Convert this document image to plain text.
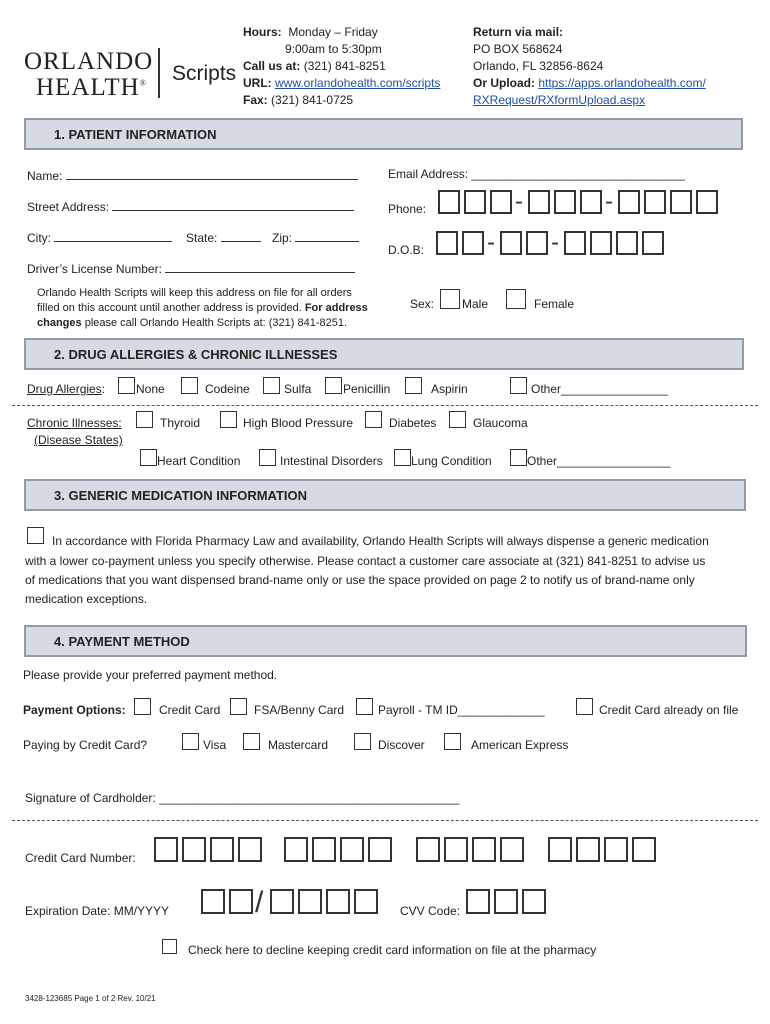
ORLANDO
HEALTH® Scripts
Hours: Monday – Friday
9:00am to 5:30pm
Call us at: (321) 841-8251
URL: www.orlandohealth.com/scripts
Fax: (321) 841-0725
Return via mail:
PO BOX 568624
Orlando, FL 32856-8624
Or Upload: https://apps.orlandohealth.com/
RXRequest/RXformUpload.aspx
1. PATIENT INFORMATION
Name:
Street Address:
City:	State:	Zip:
Driver’s License Number:
Orlando Health Scripts will keep this address on file for all orders
filled on this account until another address is provided. For address
changes please call Orlando Health Scripts at: (321) 841-8251.
Email Address: ________________________________
Phone:	-	-
D.O.B:	- -
Sex: Male	Female
2. DRUG ALLERGIES & CHRONIC ILLNESSES
Drug Allergies:	None	Codeine	Sulfa	Penicillin	Aspirin	Other________________
Chronic Illnesses:
(Disease States)
Thyroid	High Blood Pressure	Diabetes	Glaucoma
Heart Condition	Intestinal Disorders Lung Condition	Other_________________
3. GENERIC MEDICATION INFORMATION
In accordance with Florida Pharmacy Law and availability, Orlando Health Scripts will always dispense a generic medication
with a lower co-payment unless you specify otherwise. Please contact a customer care associate at (321) 841-8251 to advise us
of medications that you want dispensed brand-name only or use the space provided on page 2 to notify us of brand-name only
medication exceptions.
4. PAYMENT METHOD
Please provide your preferred payment method.
Payment Options:	Credit Card	FSA/Benny Card	Payroll - TM ID_____________	Credit Card already on file
Paying by Credit Card?	Visa	Mastercard	Discover	American Express
Signature of Cardholder: _____________________________________________
Credit Card Number:
Expiration Date: MM/YYYY	/	CVV Code:
Check here to decline keeping credit card information on file at the pharmacy
3428-123685 Page 1 of 2 Rev. 10/21
